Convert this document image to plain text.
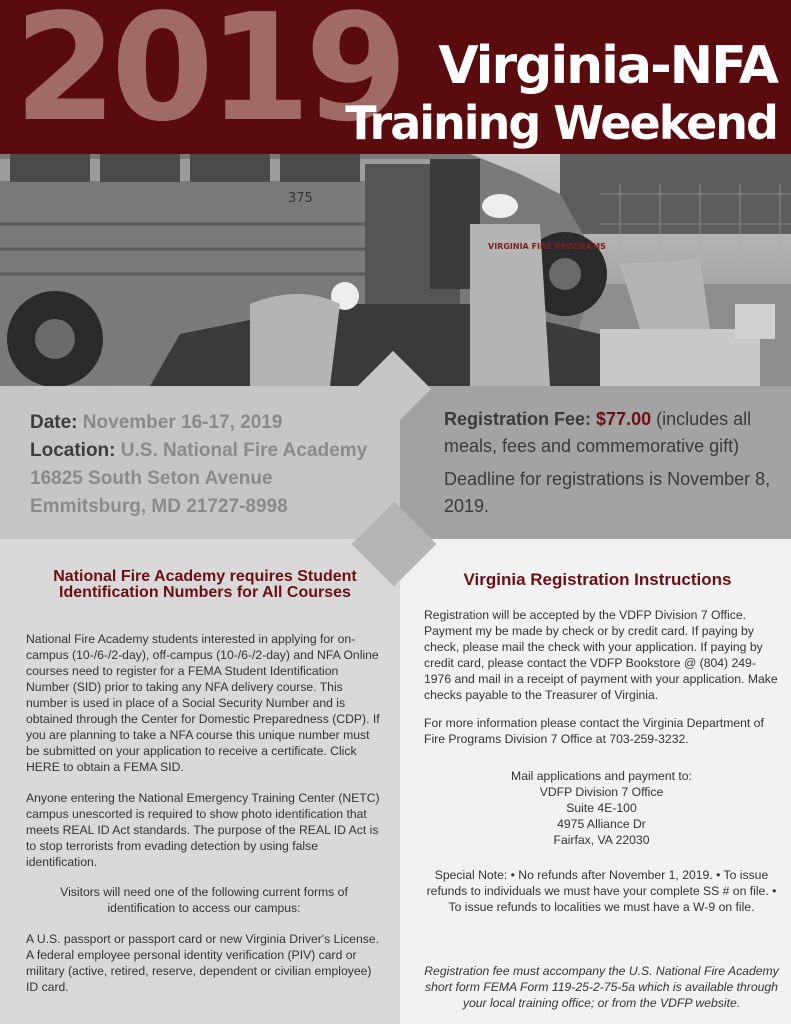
2019 Virginia-NFA
Training Weekend
375
VIRGINIA FIRE PROGRAMS
Date: November 16-17, 2019
Location: U.S. National Fire Academy
16825 South Seton Avenue
Emmitsburg, MD 21727-8998
Registration Fee: $77.00 (includes all meals, fees and commemorative gift)
Deadline for registrations is November 8, 2019.
National Fire Academy requires Student Identification Numbers for All Courses
National Fire Academy students interested in applying for on-campus (10-/6-/2-day), off-campus (10-/6-/2-day) and NFA Online courses need to register for a FEMA Student Identification Number (SID) prior to taking any NFA delivery course. This number is used in place of a Social Security Number and is obtained through the Center for Domestic Preparedness (CDP). If you are planning to take a NFA course this unique number must be submitted on your application to receive a certificate. Click HERE to obtain a FEMA SID.
Anyone entering the National Emergency Training Center (NETC) campus unescorted is required to show photo identification that meets REAL ID Act standards. The purpose of the REAL ID Act is to stop terrorists from evading detection by using false identification.
Visitors will need one of the following current forms of identification to access our campus:
A U.S. passport or passport card or new Virginia Driver's License. A federal employee personal identity verification (PIV) card or military (active, retired, reserve, dependent or civilian employee) ID card.
Virginia Registration Instructions
Registration will be accepted by the VDFP Division 7 Office. Payment my be made by check or by credit card. If paying by check, please mail the check with your application. If paying by credit card, please contact the VDFP Bookstore @ (804) 249-1976 and mail in a receipt of payment with your application. Make checks payable to the Treasurer of Virginia.
For more information please contact the Virginia Department of Fire Programs Division 7 Office at 703-259-3232.
Mail applications and payment to:
VDFP Division 7 Office
Suite 4E-100
4975 Alliance Dr
Fairfax, VA 22030
Special Note: • No refunds after November 1, 2019. • To issue refunds to individuals we must have your complete SS # on file. • To issue refunds to localities we must have a W-9 on file.
Registration fee must accompany the U.S. National Fire Academy short form FEMA Form 119-25-2-75-5a which is available through your local training office; or from the VDFP website.
